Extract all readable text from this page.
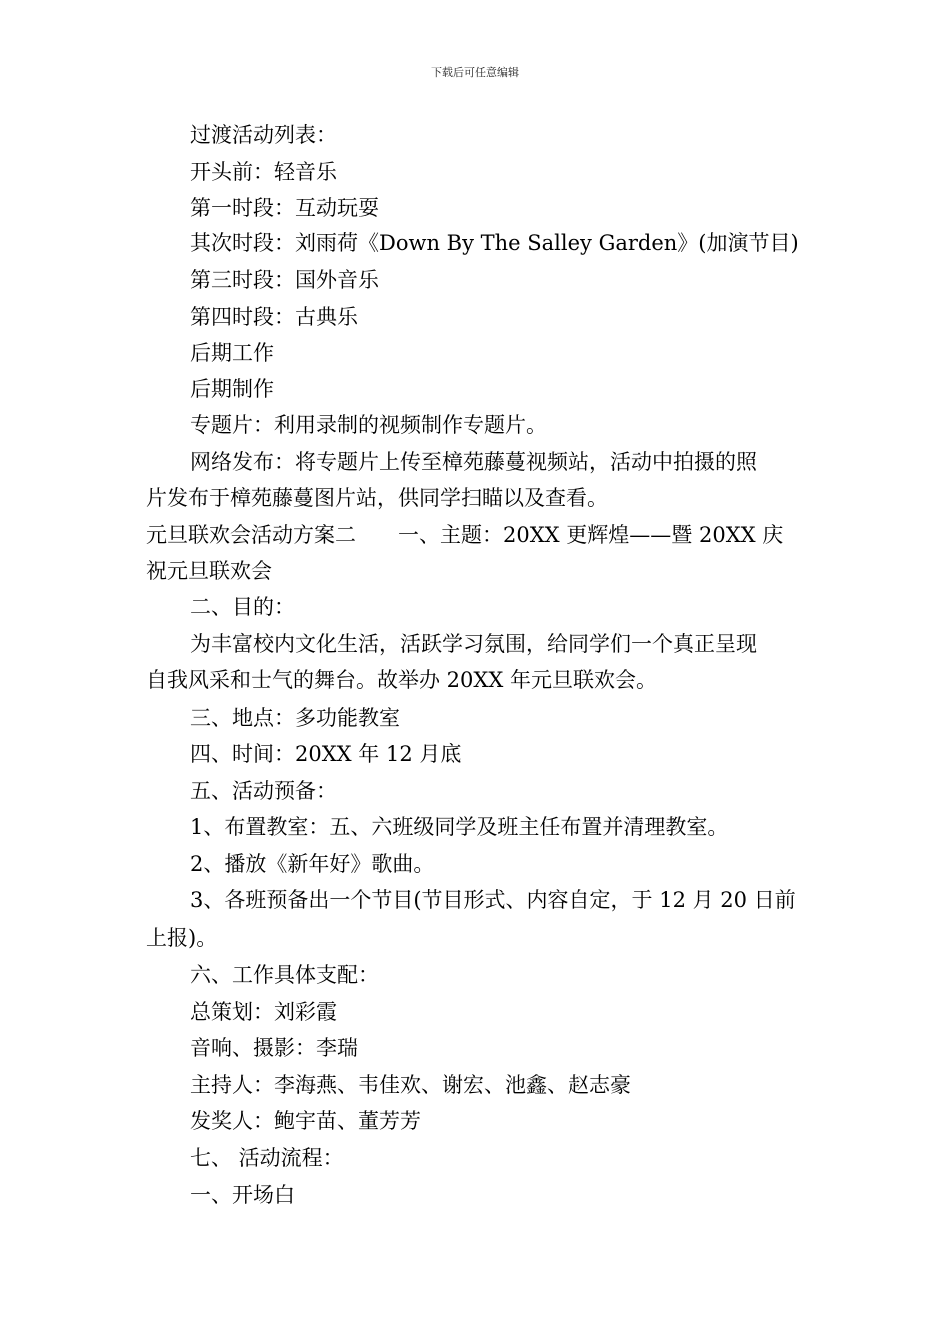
下载后可任意编辑
过渡活动列表：
开头前：轻音乐
第一时段：互动玩耍
其次时段：刘雨荷《Down By The Salley Garden》(加演节目)
第三时段：国外音乐
第四时段：古典乐
后期工作
后期制作
专题片：利用录制的视频制作专题片。
网络发布：将专题片上传至樟苑藤蔓视频站，活动中拍摄的照
片发布于樟苑藤蔓图片站，供同学扫瞄以及查看。
元旦联欢会活动方案二　　一、主题：20XX 更辉煌——暨 20XX 庆
祝元旦联欢会
二、目的：
为丰富校内文化生活，活跃学习氛围，给同学们一个真正呈现
自我风采和士气的舞台。故举办 20XX 年元旦联欢会。
三、地点：多功能教室
四、时间：20XX 年 12 月底
五、活动预备：
1、布置教室：五、六班级同学及班主任布置并清理教室。
2、播放《新年好》歌曲。
3、各班预备出一个节目(节目形式、内容自定，于 12 月 20 日前
上报)。
六、工作具体支配：
总策划：刘彩霞
音响、摄影：李瑞
主持人：李海燕、韦佳欢、谢宏、池鑫、赵志豪
发奖人：鲍宇苗、董芳芳
七、 活动流程：
一、开场白
